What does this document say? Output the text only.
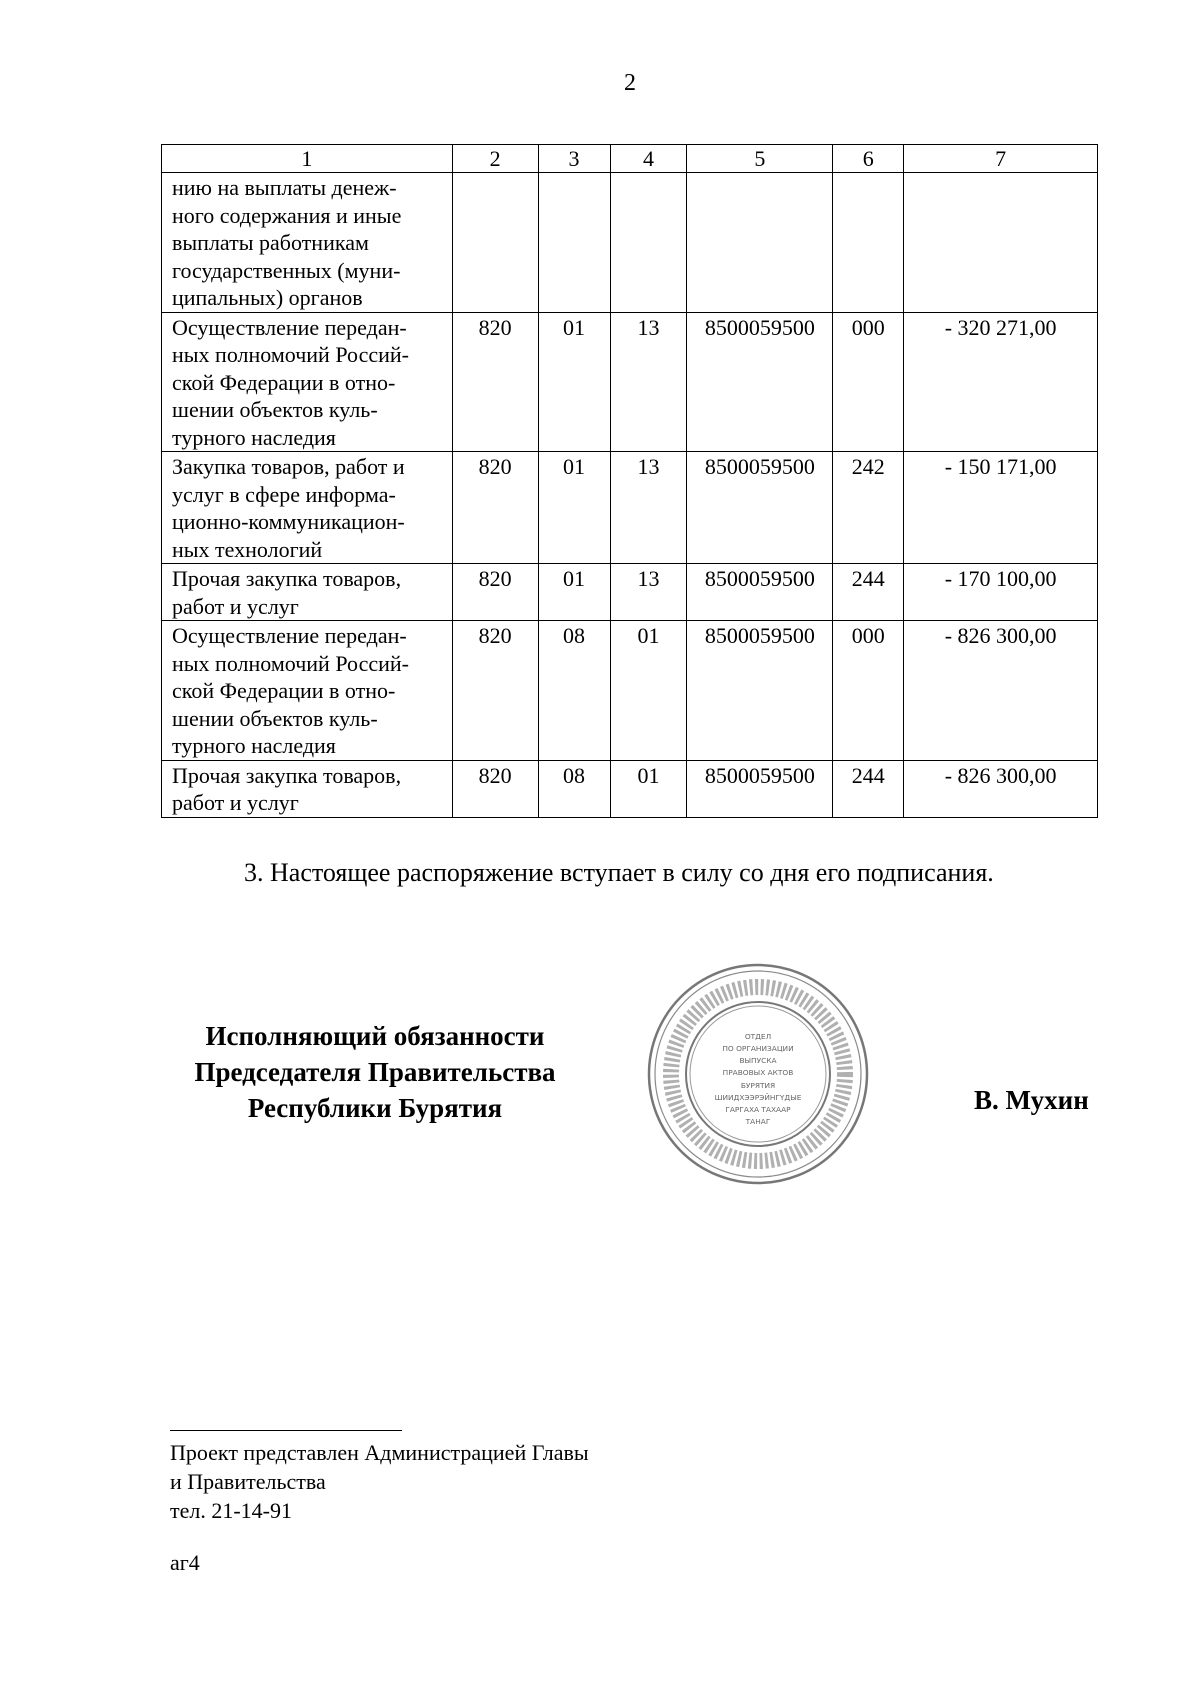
2
1	2	3	4	5	6	7

нию на выплаты денеж-
ного содержания и иные
выплаты работникам
государственных (муни-
ципальных) органов						

Осуществление передан-
ных полномочий Россий-
ской Федерации в отно-
шении объектов куль-
турного наследия	820	01	13	8500059500	000	- 320 271,00

Закупка товаров, работ и
услуг в сфере информа-
ционно-коммуникацион-
ных технологий	820	01	13	8500059500	242	- 150 171,00

Прочая закупка товаров,
работ и услуг	820	01	13	8500059500	244	- 170 100,00

Осуществление передан-
ных полномочий Россий-
ской Федерации в отно-
шении объектов куль-
турного наследия	820	08	01	8500059500	000	- 826 300,00

Прочая закупка товаров,
работ и услуг	820	08	01	8500059500	244	- 826 300,00
3. Настоящее распоряжение вступает в силу со дня его подписания.
Исполняющий обязанности
Председателя Правительства
Республики Бурятия
ОТДЕЛ
ПО ОРГАНИЗАЦИИ
ВЫПУСКА
ПРАВОВЫХ АКТОВ
БУРЯТИЯ
ШИИДХЭЭРЭЙНГҮДЫЕ
ГАРГАХА ТАХААР
ТАНАГ
В. Мухин
Проект представлен Администрацией Главы
и Правительства
тел. 21-14-91
аг4
